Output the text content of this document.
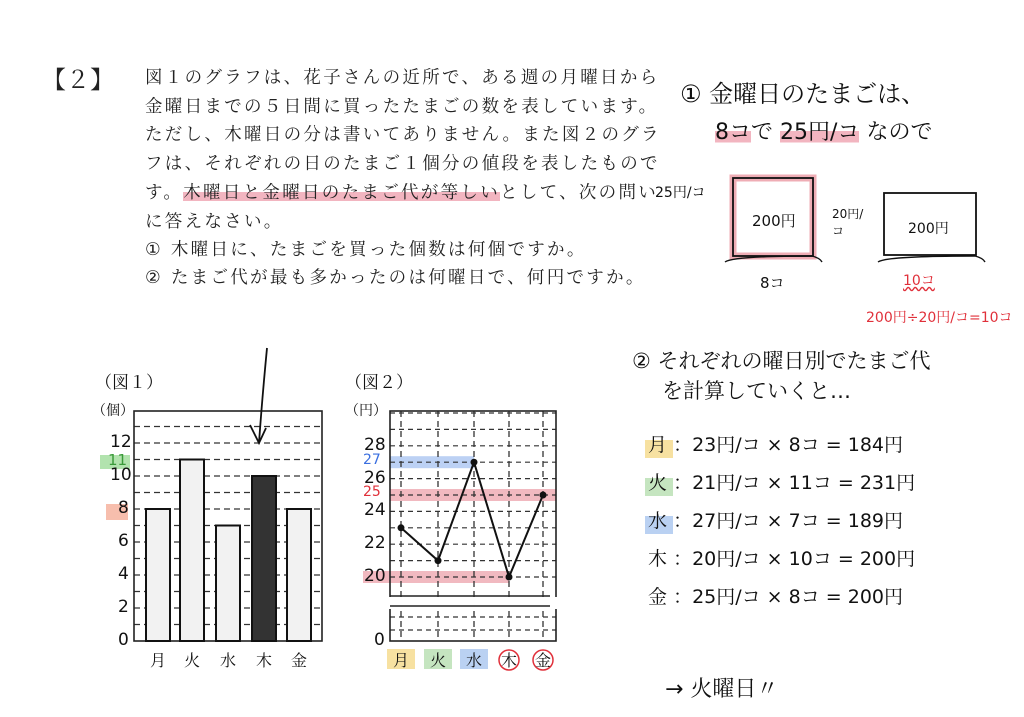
【２】 図１のグラフは、花子さんの近所で、ある週の月曜日から
金曜日までの５日間に買ったたまごの数を表しています。
ただし、木曜日の分は書いてありません。また図２のグラ
フは、それぞれの日のたまご１個分の値段を表したもので
す。木曜日と金曜日のたまご代が等しいとして、次の問い
に答えなさい。
① 木曜日に、たまごを買った個数は何個ですか。
② たまご代が最も多かったのは何曜日で、何円ですか。
（図１）
（個）
（図２）
（円）
月 火 水 木 金
0
2
4
6
8
10
12
11
月 火 水 木 金
0
20
22
24
26
28
27
25
① 金曜日のたまごは、
8コで 25円/コ なので
25円/コ
200円
8コ
20円/コ	200円
10コ
200円÷20円/コ=10コ
② それぞれの曜日別でたまご代
を計算していくと…
月 ：23円/コ × 8コ = 184円
火 ：21円/コ × 11コ = 231円
水 ：27円/コ × 7コ = 189円
木 ：20円/コ × 10コ = 200円
金 ：25円/コ × 8コ = 200円
→ 火曜日〃
